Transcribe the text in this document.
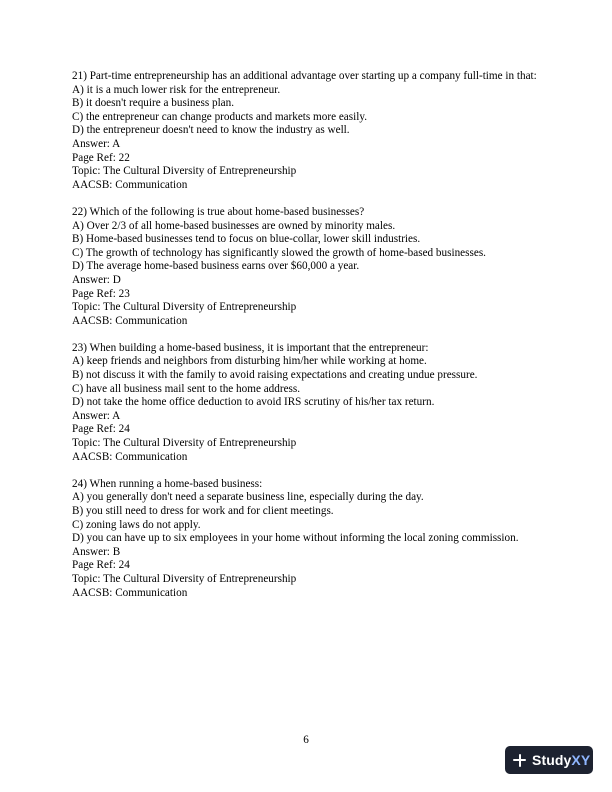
21) Part-time entrepreneurship has an additional advantage over starting up a company full-time in that:
A) it is a much lower risk for the entrepreneur.
B) it doesn't require a business plan.
C) the entrepreneur can change products and markets more easily.
D) the entrepreneur doesn't need to know the industry as well.
Answer: A
Page Ref: 22
Topic: The Cultural Diversity of Entrepreneurship
AACSB: Communication
22) Which of the following is true about home-based businesses?
A) Over 2/3 of all home-based businesses are owned by minority males.
B) Home-based businesses tend to focus on blue-collar, lower skill industries.
C) The growth of technology has significantly slowed the growth of home-based businesses.
D) The average home-based business earns over $60,000 a year.
Answer: D
Page Ref: 23
Topic: The Cultural Diversity of Entrepreneurship
AACSB: Communication
23) When building a home-based business, it is important that the entrepreneur:
A) keep friends and neighbors from disturbing him/her while working at home.
B) not discuss it with the family to avoid raising expectations and creating undue pressure.
C) have all business mail sent to the home address.
D) not take the home office deduction to avoid IRS scrutiny of his/her tax return.
Answer: A
Page Ref: 24
Topic: The Cultural Diversity of Entrepreneurship
AACSB: Communication
24) When running a home-based business:
A) you generally don't need a separate business line, especially during the day.
B) you still need to dress for work and for client meetings.
C) zoning laws do not apply.
D) you can have up to six employees in your home without informing the local zoning commission.
Answer: B
Page Ref: 24
Topic: The Cultural Diversity of Entrepreneurship
AACSB: Communication
6
StudyXY
